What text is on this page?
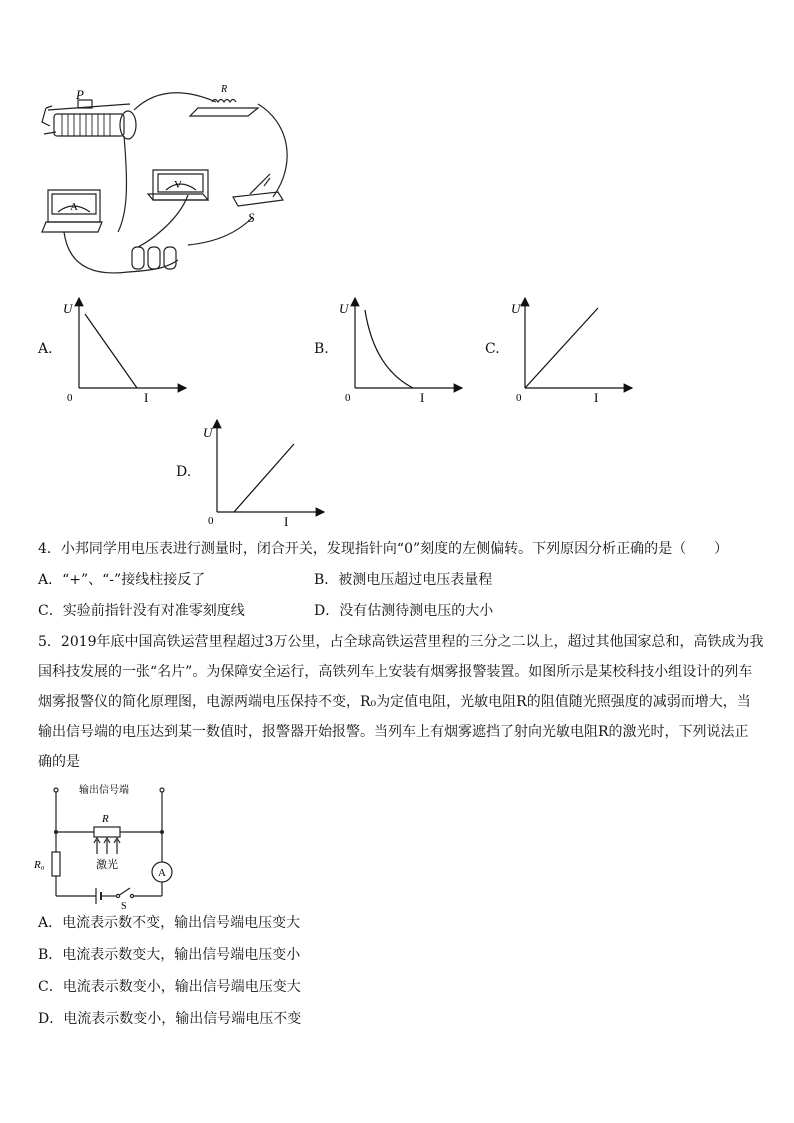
P	R
V
A
S
A.
U
I
0
B.
U
I
0
C.
U
I
0
D.
U
I
0
4．小邦同学用电压表进行测量时，闭合开关，发现指针向“0”刻度的左侧偏转。下列原因分析正确的是（　　）
A．“+”、“-”接线柱接反了	B．被测电压超过电压表量程
C．实验前指针没有对准零刻度线	D．没有估测待测电压的大小
5．2019年底中国高铁运营里程超过3万公里，占全球高铁运营里程的三分之二以上，超过其他国家总和，高铁成为我
国科技发展的一张“名片”。为保障安全运行，高铁列车上安装有烟雾报警装置。如图所示是某校科技小组设计的列车
烟雾报警仪的简化原理图，电源两端电压保持不变，R₀为定值电阻，光敏电阻R的阻值随光照强度的减弱而增大，当
输出信号端的电压达到某一数值时，报警器开始报警。当列车上有烟雾遮挡了射向光敏电阻R的激光时，下列说法正
确的是
输出信号端
R
R₀	激光
A
S
A．电流表示数不变，输出信号端电压变大
B．电流表示数变大，输出信号端电压变小
C．电流表示数变小，输出信号端电压变大
D．电流表示数变小，输出信号端电压不变
